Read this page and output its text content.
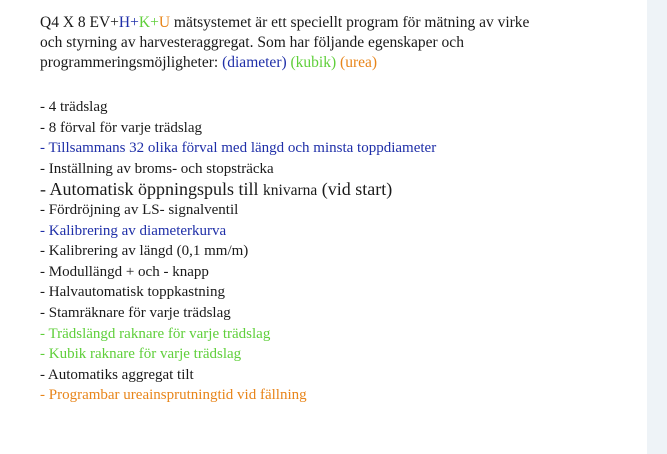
Q4 X 8 EV+H+K+U mätsystemet är ett speciellt program för mätning av virke
och styrning av harvesteraggregat. Som har följande egenskaper och
programmeringsmöjligheter: (diameter) (kubik) (urea)
- 4 trädslag
- 8 förval för varje trädslag
- Tillsammans 32 olika förval med längd och minsta toppdiameter
- Inställning av broms- och stopsträcka
- Automatisk öppningspuls till knivarna (vid start)
- Fördröjning av LS- signalventil
- Kalibrering av diameterkurva
- Kalibrering av längd (0,1 mm/m)
- Modullängd + och - knapp
- Halvautomatisk toppkastning
- Stamräknare för varje trädslag
- Trädslängd raknare för varje trädslag
- Kubik raknare för varje trädslag
- Automatiks aggregat tilt
- Programbar ureainsprutningtid vid fällning
